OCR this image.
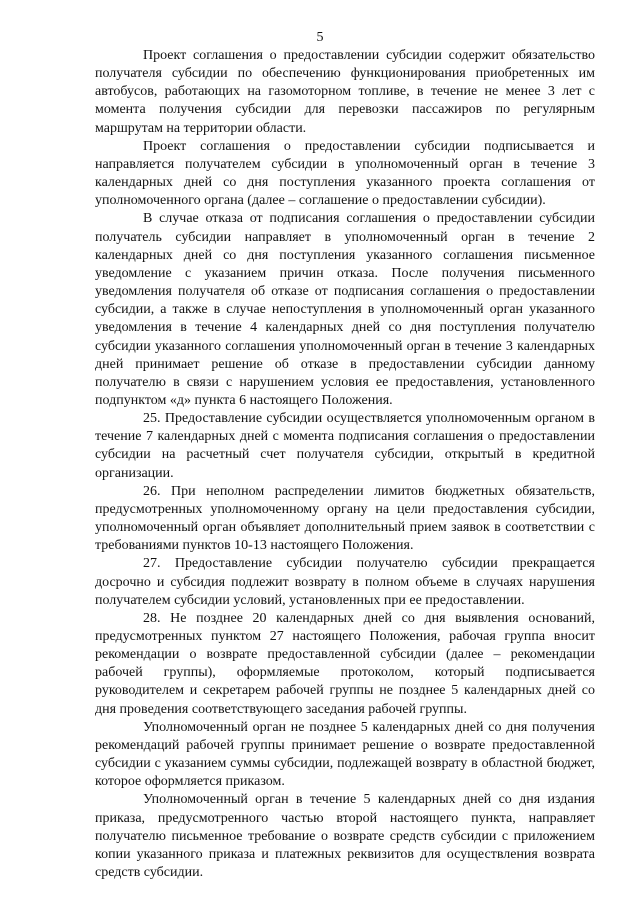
5

Проект соглашения о предоставлении субсидии содержит обязательство получателя субсидии по обеспечению функционирования приобретенных им автобусов, работающих на газомоторном топливе, в течение не менее 3 лет с момента получения субсидии для перевозки пассажиров по регулярным маршрутам на территории области.

Проект соглашения о предоставлении субсидии подписывается и направляется получателем субсидии в уполномоченный орган в течение 3 календарных дней со дня поступления указанного проекта соглашения от уполномоченного органа (далее – соглашение о предоставлении субсидии).

В случае отказа от подписания соглашения о предоставлении субсидии получатель субсидии направляет в уполномоченный орган в течение 2 календарных дней со дня поступления указанного соглашения письменное уведомление с указанием причин отказа. После получения письменного уведомления получателя об отказе от подписания соглашения о предоставлении субсидии, а также в случае непоступления в уполномоченный орган указанного уведомления в течение 4 календарных дней со дня поступления получателю субсидии указанного соглашения уполномоченный орган в течение 3 календарных дней принимает решение об отказе в предоставлении субсидии данному получателю в связи с нарушением условия ее предоставления, установленного подпунктом «д» пункта 6 настоящего Положения.

25. Предоставление субсидии осуществляется уполномоченным органом в течение 7 календарных дней с момента подписания соглашения о предоставлении субсидии на расчетный счет получателя субсидии, открытый в кредитной организации.

26. При неполном распределении лимитов бюджетных обязательств, предусмотренных уполномоченному органу на цели предоставления субсидии, уполномоченный орган объявляет дополнительный прием заявок в соответствии с требованиями пунктов 10-13 настоящего Положения.

27. Предоставление субсидии получателю субсидии прекращается досрочно и субсидия подлежит возврату в полном объеме в случаях нарушения получателем субсидии условий, установленных при ее предоставлении.

28. Не позднее 20 календарных дней со дня выявления оснований, предусмотренных пунктом 27 настоящего Положения, рабочая группа вносит рекомендации о возврате предоставленной субсидии (далее – рекомендации рабочей группы), оформляемые протоколом, который подписывается руководителем и секретарем рабочей группы не позднее 5 календарных дней со дня проведения соответствующего заседания рабочей группы.

Уполномоченный орган не позднее 5 календарных дней со дня получения рекомендаций рабочей группы принимает решение о возврате предоставленной субсидии с указанием суммы субсидии, подлежащей возврату в областной бюджет, которое оформляется приказом.

Уполномоченный орган в течение 5 календарных дней со дня издания приказа, предусмотренного частью второй настоящего пункта, направляет получателю письменное требование о возврате средств субсидии с приложением копии указанного приказа и платежных реквизитов для осуществления возврата средств субсидии.
